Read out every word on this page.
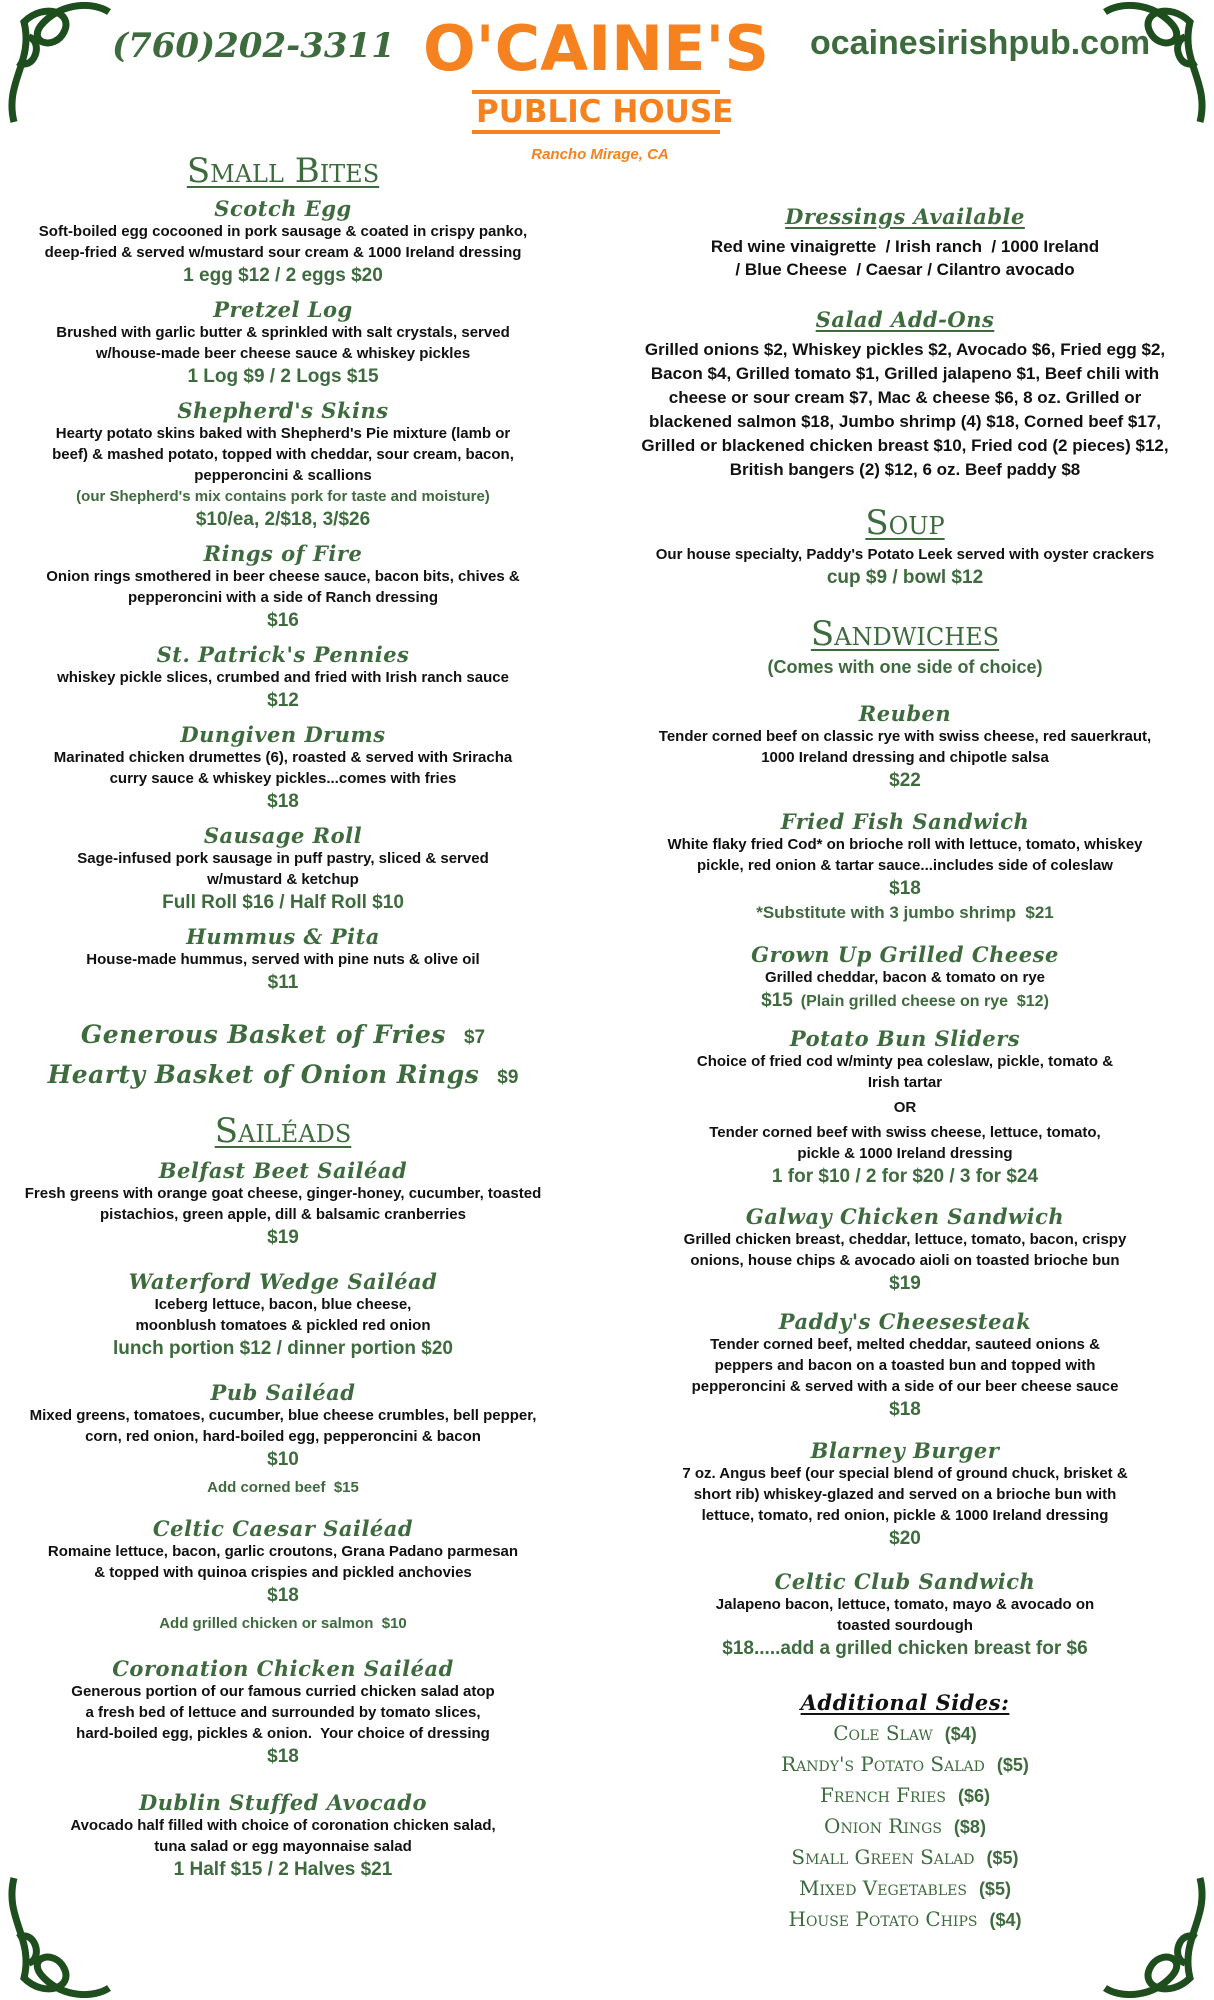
(760)202-3311	ocainesirishpub.com
O'CAINE'S
PUBLIC HOUSE
Rancho Mirage, CA
Small Bites
Scotch Egg
Soft-boiled egg cocooned in pork sausage & coated in crispy panko,
deep-fried & served w/mustard sour cream & 1000 Ireland dressing
1 egg $12 / 2 eggs $20
Pretzel Log
Brushed with garlic butter & sprinkled with salt crystals, served
w/house-made beer cheese sauce & whiskey pickles
1 Log $9 / 2 Logs $15
Shepherd's Skins
Hearty potato skins baked with Shepherd's Pie mixture (lamb or
beef) & mashed potato, topped with cheddar, sour cream, bacon,
pepperoncini & scallions
(our Shepherd's mix contains pork for taste and moisture)
$10/ea, 2/$18, 3/$26
Rings of Fire
Onion rings smothered in beer cheese sauce, bacon bits, chives &
pepperoncini with a side of Ranch dressing
$16
St. Patrick's Pennies
whiskey pickle slices, crumbed and fried with Irish ranch sauce
$12
Dungiven Drums
Marinated chicken drumettes (6), roasted & served with Sriracha
curry sauce & whiskey pickles...comes with fries
$18
Sausage Roll
Sage-infused pork sausage in puff pastry, sliced & served
w/mustard & ketchup
Full Roll $16 / Half Roll $10
Hummus & Pita
House-made hummus, served with pine nuts & olive oil
$11
Generous Basket of Fries $7
Hearty Basket of Onion Rings $9
Sailéads
Belfast Beet Sailéad
Fresh greens with orange goat cheese, ginger-honey, cucumber, toasted
pistachios, green apple, dill & balsamic cranberries
$19
Waterford Wedge Sailéad
Iceberg lettuce, bacon, blue cheese,
moonblush tomatoes & pickled red onion
lunch portion $12 / dinner portion $20
Pub Sailéad
Mixed greens, tomatoes, cucumber, blue cheese crumbles, bell pepper,
corn, red onion, hard-boiled egg, pepperoncini & bacon
$10
Add corned beef  $15
Celtic Caesar Sailéad
Romaine lettuce, bacon, garlic croutons, Grana Padano parmesan
& topped with quinoa crispies and pickled anchovies
$18
Add grilled chicken or salmon  $10
Coronation Chicken Sailéad
Generous portion of our famous curried chicken salad atop
a fresh bed of lettuce and surrounded by tomato slices,
hard-boiled egg, pickles & onion.  Your choice of dressing
$18
Dublin Stuffed Avocado
Avocado half filled with choice of coronation chicken salad,
tuna salad or egg mayonnaise salad
1 Half $15 / 2 Halves $21
Dressings Available
Red wine vinaigrette  / Irish ranch  / 1000 Ireland
/ Blue Cheese  / Caesar / Cilantro avocado
Salad Add-Ons
Grilled onions $2, Whiskey pickles $2, Avocado $6, Fried egg $2,
Bacon $4, Grilled tomato $1, Grilled jalapeno $1, Beef chili with
cheese or sour cream $7, Mac & cheese $6, 8 oz. Grilled or
blackened salmon $18, Jumbo shrimp (4) $18, Corned beef $17,
Grilled or blackened chicken breast $10, Fried cod (2 pieces) $12,
British bangers (2) $12, 6 oz. Beef paddy $8
Soup
Our house specialty, Paddy's Potato Leek served with oyster crackers
cup $9 / bowl $12
Sandwiches
(Comes with one side of choice)
Reuben
Tender corned beef on classic rye with swiss cheese, red sauerkraut,
1000 Ireland dressing and chipotle salsa
$22
Fried Fish Sandwich
White flaky fried Cod* on brioche roll with lettuce, tomato, whiskey
pickle, red onion & tartar sauce...includes side of coleslaw
$18
*Substitute with 3 jumbo shrimp  $21
Grown Up Grilled Cheese
Grilled cheddar, bacon & tomato on rye
$15 (Plain grilled cheese on rye  $12)
Potato Bun Sliders
Choice of fried cod w/minty pea coleslaw, pickle, tomato &
Irish tartar
OR
Tender corned beef with swiss cheese, lettuce, tomato,
pickle & 1000 Ireland dressing
1 for $10 / 2 for $20 / 3 for $24
Galway Chicken Sandwich
Grilled chicken breast, cheddar, lettuce, tomato, bacon, crispy
onions, house chips & avocado aioli on toasted brioche bun
$19
Paddy's Cheesesteak
Tender corned beef, melted cheddar, sauteed onions &
peppers and bacon on a toasted bun and topped with
pepperoncini & served with a side of our beer cheese sauce
$18
Blarney Burger
7 oz. Angus beef (our special blend of ground chuck, brisket &
short rib) whiskey-glazed and served on a brioche bun with
lettuce, tomato, red onion, pickle & 1000 Ireland dressing
$20
Celtic Club Sandwich
Jalapeno bacon, lettuce, tomato, mayo & avocado on
toasted sourdough
$18.....add a grilled chicken breast for $6
Additional Sides:
Cole Slaw ($4)
Randy's Potato Salad ($5)
French Fries ($6)
Onion Rings ($8)
Small Green Salad ($5)
Mixed Vegetables ($5)
House Potato Chips ($4)
